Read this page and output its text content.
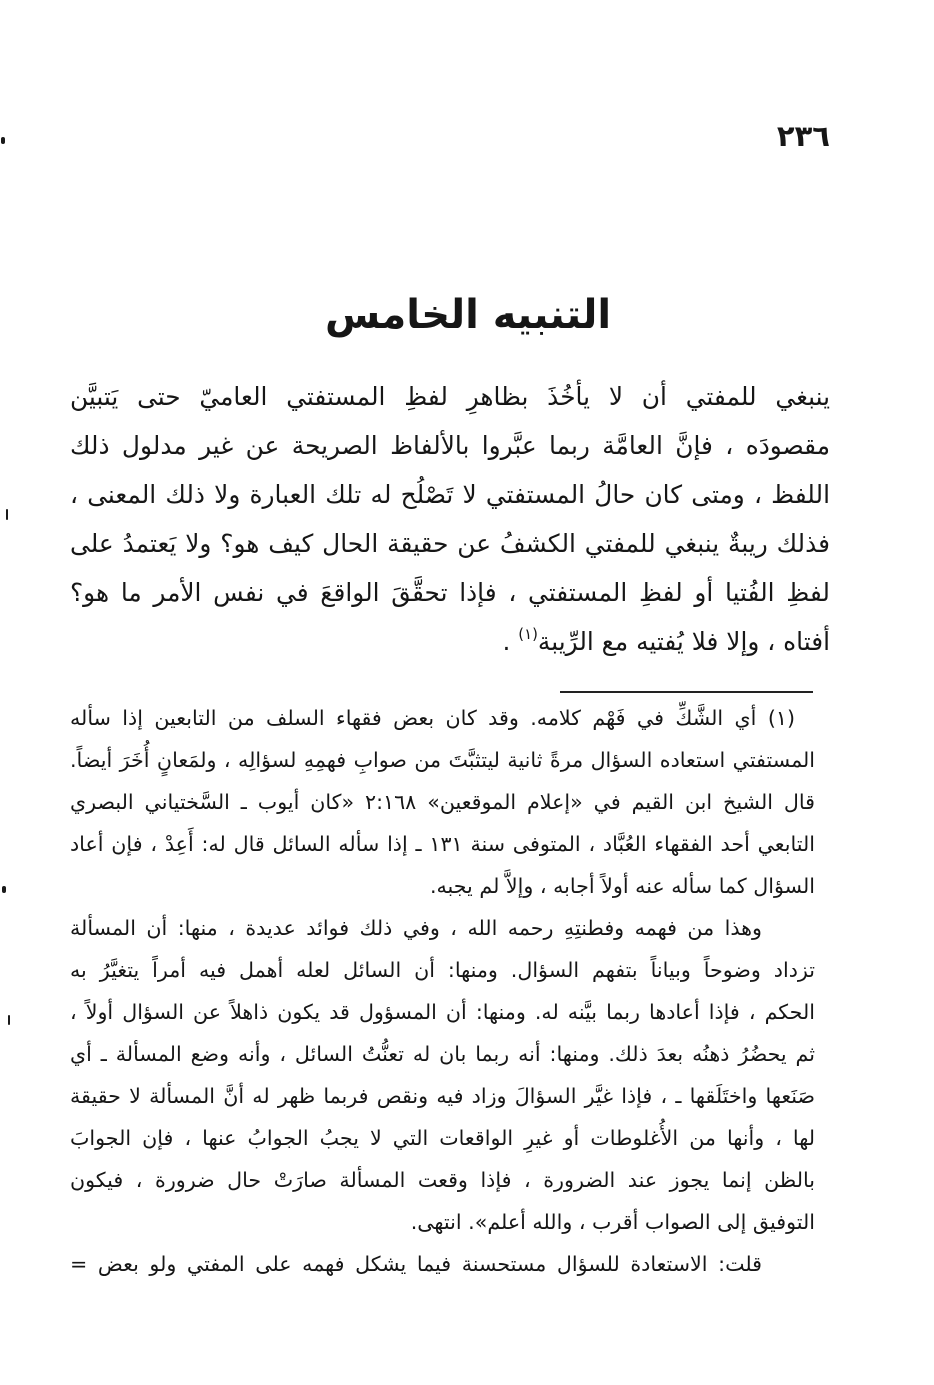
٢٣٦
التنبيه الخامس
ينبغي للمفتي أن لا يأخُذَ بظاهرِ لفظِ المستفتي العاميّ حتى يَتبيَّن
مقصودَه ، فإنَّ العامَّة ربما عبَّروا بالألفاظ الصريحة عن غير مدلول ذلك
اللفظ ، ومتى كان حالُ المستفتي لا تَصْلُح له تلك العبارة ولا ذلك المعنى ،
فذلك ريبةٌ ينبغي للمفتي الكشفُ عن حقيقة الحال كيف هو؟ ولا يَعتمدُ على
لفظِ الفُتيا أو لفظِ المستفتي ، فإذا تحقَّقَ الواقعَ في نفس الأمر ما هو؟
أفتاه ، وإلا فلا يُفتيه مع الرِّيبة$^{(١)}$ .
(١) أي الشَّكِّ في فَهْم كلامه. وقد كان بعض فقهاء السلف من التابعين إذا سأله
المستفتي استعاده السؤال مرةً ثانية ليتثبَّتَ من صوابِ فهمِهِ لسؤالِه ، ولمَعانٍ أُخَرَ أيضاً.
قال الشيخ ابن القيم في «إعلام الموقعين» ٢:١٦٨ «كان أيوب ـ السَّختياني البصري
التابعي أحد الفقهاء العُبَّاد ، المتوفى سنة ١٣١ ـ إذا سأله السائل قال له: أَعِدْ ، فإن أعاد
السؤال كما سأله عنه أولاً أجابه ، وإلاَّ لم يجبه.
وهذا من فهمه وفطنتِهِ رحمه الله ، وفي ذلك فوائد عديدة ، منها: أن المسألة
تزداد وضوحاً وبياناً بتفهم السؤال. ومنها: أن السائل لعله أهمل فيه أمراً يتغيَّرُ به
الحكم ، فإذا أعادها ربما بيَّنه له. ومنها: أن المسؤول قد يكون ذاهلاً عن السؤال أولاً ،
ثم يحضُرُ ذهنُه بعدَ ذلك. ومنها: أنه ربما بان له تعنُّتُ السائل ، وأنه وضع المسألة ـ أي
صَنَعها واختَلَقها ـ ، فإذا غيَّر السؤالَ وزاد فيه ونقص فربما ظهر له أنَّ المسألة لا حقيقة
لها ، وأنها من الأُغلوطات أو غيرِ الواقعات التي لا يجبُ الجوابُ عنها ، فإن الجوابَ
بالظن إنما يجوز عند الضرورة ، فإذا وقعت المسألة صارَتْ حال ضرورة ، فيكون
التوفيق إلى الصواب أقرب ، والله أعلم». انتهى.
قلت: الاستعادة للسؤال مستحسنة فيما يشكل فهمه على المفتي ولو بعض =
